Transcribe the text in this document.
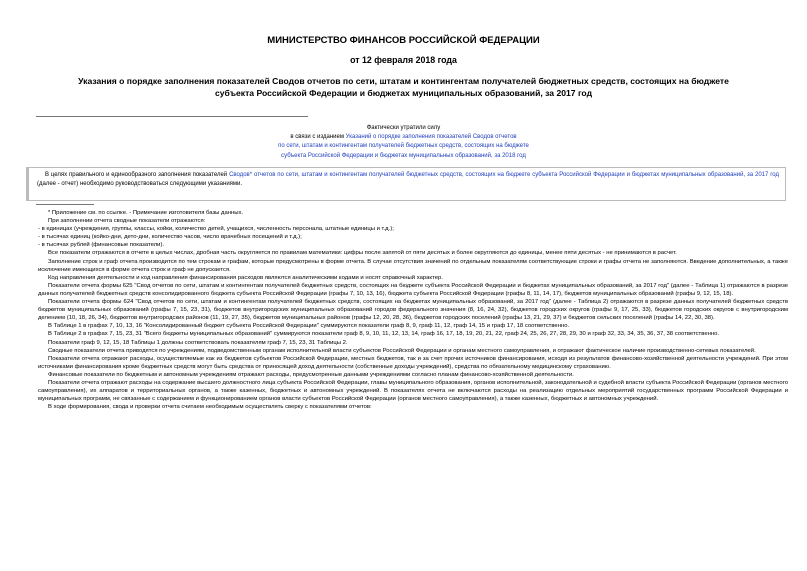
МИНИСТЕРСТВО ФИНАНСОВ РОССИЙСКОЙ ФЕДЕРАЦИИ
от 12 февраля 2018 года
Указания о порядке заполнения показателей Сводов отчетов по сети, штатам и контингентам получателей бюджетных средств, состоящих на бюджете субъекта Российской Федерации и бюджетах муниципальных образований, за 2017 год
Фактически утратили силу
в связи с изданием Указаний о порядке заполнения показателей Сводов отчетов
по сети, штатам и контингентам получателей бюджетных средств, состоящих на бюджете
субъекта Российской Федерации и бюджетах муниципальных образований, за 2018 год

В целях правильного и единообразного заполнения показателей Сводов* отчетов по сети, штатам и контингентам получателей бюджетных средств, состоящих на бюджете субъекта Российской Федерации и бюджетах муниципальных образований, за 2017 год (далее - отчет) необходимо руководствоваться следующими указаниями.

* Приложение см. по ссылке. - Примечание изготовителя базы данных.

При заполнении отчета сводные показатели отражаются:

- в единицах (учреждения, группы, классы, койки, количество детей, учащихся, численность персонала, штатные единицы и т.д.);

- в тысячах единиц (койко-дни, дето-дни, количество часов, число врачебных посещений и т.д.);

- в тысячах рублей (финансовые показатели).

Все показатели отражаются в отчете в целых числах, дробная часть округляется по правилам математики: цифры после запятой от пяти десятых и более округляются до единицы, менее пяти десятых - не принимаются в расчет.

Заполнение строк и граф отчета производится по тем строкам и графам, которые предусмотрены в форме отчета. В случае отсутствия значений по отдельным показателям соответствующие строки и графы отчета не заполняются. Введение дополнительных, а также исключение имеющихся в форме отчета строк и граф не допускается.

Код направления деятельности и код направления финансирования расходов являются аналитическими кодами и носят справочный характер.

Показатели отчета формы 625 "Свод отчетов по сети, штатам и контингентам получателей бюджетных средств, состоящих на бюджете субъекта Российской Федерации и бюджетах муниципальных образований, за 2017 год" (далее - Таблица 1) отражаются в разрезе данных получателей бюджетных средств консолидированного бюджета субъекта Российской Федерации (графы 7, 10, 13, 16), бюджета субъекта Российской Федерации (графы 8, 11, 14, 17), бюджетов муниципальных образований (графы 9, 12, 15, 18).

Показатели отчета формы 624 "Свод отчетов по сети, штатам и контингентам получателей бюджетных средств, состоящих на бюджетах муниципальных образований, за 2017 год" (далее - Таблица 2) отражаются в разрезе данных получателей бюджетных средств бюджетов муниципальных образований (графы 7, 15, 23, 31), бюджетов внутригородских муниципальных образований городов федерального значения (8, 16, 24, 32), бюджетов городских округов (графы 9, 17, 25, 33), бюджетов городских округов с внутригородским делением (10, 18, 26, 34), бюджетов внутригородских районов (11, 19, 27, 35), бюджетов муниципальных районов (графы 12, 20, 28, 36), бюджетов городских поселений (графы 13, 21, 29, 37) и бюджетов сельских поселений (графы 14, 22, 30, 38).

В Таблице 1 в графах 7, 10, 13, 16 "Консолидированный бюджет субъекта Российской Федерации" суммируются показатели граф 8, 9, граф 11, 12, граф 14, 15 и граф 17, 18 соответственно.

В Таблице 2 в графах 7, 15, 23, 31 "Всего бюджеты муниципальных образований" суммируются показатели граф 8, 9, 10, 11, 12, 13, 14, граф 16, 17, 18, 19, 20, 21, 22, граф 24, 25, 26, 27, 28, 29, 30 и граф 32, 33, 34, 35, 36, 37, 38 соответственно.

Показатели граф 9, 12, 15, 18 Таблицы 1 должны соответствовать показателям граф 7, 15, 23, 31 Таблицы 2.

Сводные показатели отчета приводятся по учреждениям, подведомственным органам исполнительной власти субъектов Российской Федерации и органам местного самоуправления, и отражают фактическое наличие производственно-сетевых показателей.

Показатели отчета отражают расходы, осуществляемые как из бюджетов субъектов Российской Федерации, местных бюджетов, так и за счет прочих источников финансирования, исходя из результатов финансово-хозяйственной деятельности учреждений. При этом источниками финансирования кроме бюджетных средств могут быть средства от приносящей доход деятельности (собственные доходы учреждений), средства по обязательному медицинскому страхованию.

Финансовые показатели по бюджетным и автономным учреждениям отражают расходы, предусмотренные данными учреждениями согласно планам финансово-хозяйственной деятельности.

Показатели отчета отражают расходы на содержание высшего должностного лица субъекта Российской Федерации, главы муниципального образования, органов исполнительной, законодательной и судебной власти субъекта Российской Федерации (органов местного самоуправления), их аппаратов и территориальных органов, а также казенных, бюджетных и автономных учреждений. В показателях отчета не включаются расходы на реализацию отдельных мероприятий государственных программ Российской Федерации и муниципальных программ, не связанные с содержанием и функционированием органов власти субъектов Российской Федерации (органов местного самоуправления), а также казенных, бюджетных и автономных учреждений.

В ходе формирования, свода и проверки отчета считаем необходимым осуществлять сверку с показателями отчетов:
